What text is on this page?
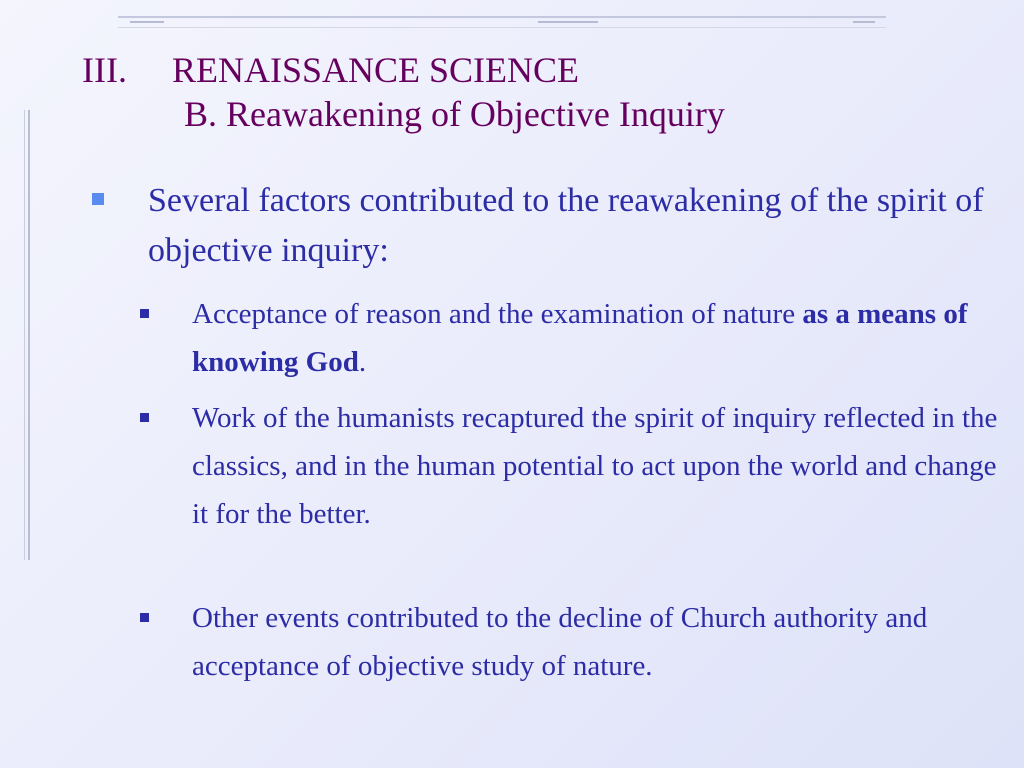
III. RENAISSANCE SCIENCE
B. Reawakening of Objective Inquiry
Several factors contributed to the reawakening of the spirit of objective inquiry:
Acceptance of reason and the examination of nature as a means of knowing God.
Work of the humanists recaptured the spirit of inquiry reflected in the classics, and in the human potential to act upon the world and change it for the better.
Other events contributed to the decline of Church authority and acceptance of objective study of nature.
